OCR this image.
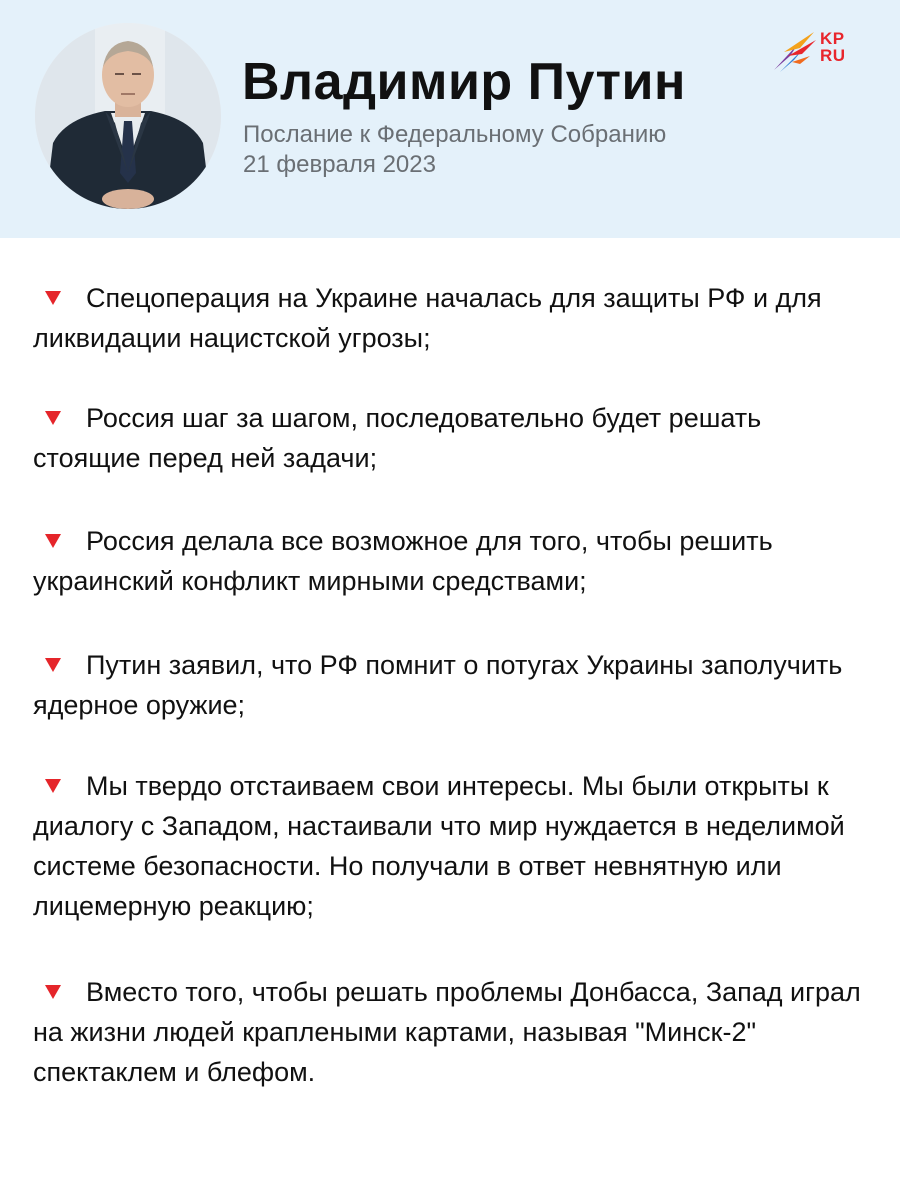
Владимир Путин
Послание к Федеральному Собранию
21 февраля 2023
KP
RU
Спецоперация на Украине началась для защиты РФ и для ликвидации нацистской угрозы;
Россия шаг за шагом, последовательно будет решать стоящие перед ней задачи;
Россия делала все возможное для того, чтобы решить украинский конфликт мирными средствами;
Путин заявил, что РФ помнит о потугах Украины заполучить ядерное оружие;
Мы твердо отстаиваем свои интересы. Мы были открыты к диалогу с Западом, настаивали что мир нуждается в неделимой системе безопасности. Но получали в ответ невнятную или лицемерную реакцию;
Вместо того, чтобы решать проблемы Донбасса, Запад играл на жизни людей краплеными картами, называя "Минск-2" спектаклем и блефом.
